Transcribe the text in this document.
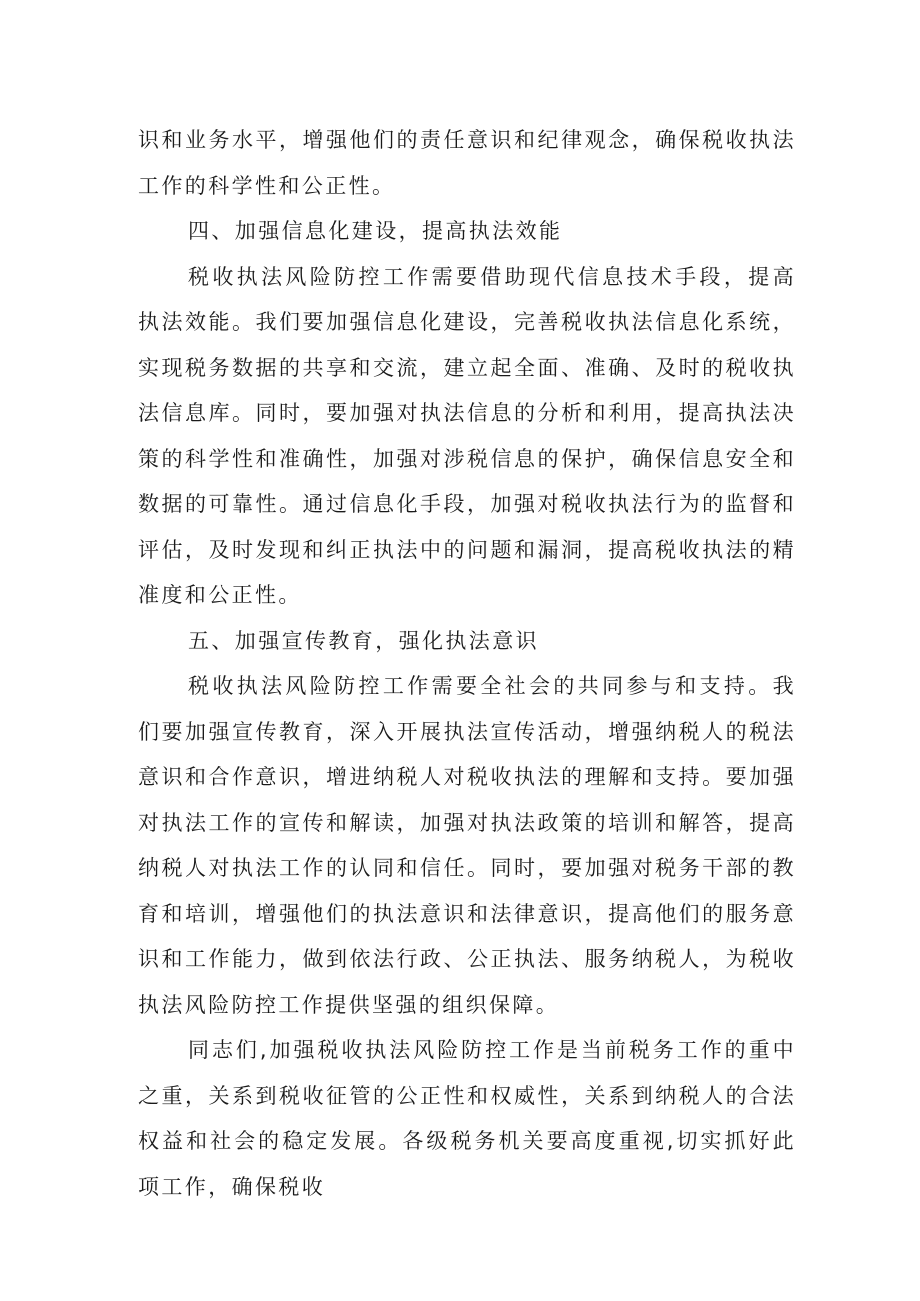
识和业务水平，增强他们的责任意识和纪律观念，确保税收执法工作的科学性和公正性。

四、加强信息化建设，提高执法效能

税收执法风险防控工作需要借助现代信息技术手段，提高执法效能。我们要加强信息化建设，完善税收执法信息化系统，实现税务数据的共享和交流，建立起全面、准确、及时的税收执法信息库。同时，要加强对执法信息的分析和利用，提高执法决策的科学性和准确性，加强对涉税信息的保护，确保信息安全和数据的可靠性。通过信息化手段，加强对税收执法行为的监督和评估，及时发现和纠正执法中的问题和漏洞，提高税收执法的精准度和公正性。

五、加强宣传教育，强化执法意识

税收执法风险防控工作需要全社会的共同参与和支持。我们要加强宣传教育，深入开展执法宣传活动，增强纳税人的税法意识和合作意识，增进纳税人对税收执法的理解和支持。要加强对执法工作的宣传和解读，加强对执法政策的培训和解答，提高纳税人对执法工作的认同和信任。同时，要加强对税务干部的教育和培训，增强他们的执法意识和法律意识，提高他们的服务意识和工作能力，做到依法行政、公正执法、服务纳税人，为税收执法风险防控工作提供坚强的组织保障。

同志们,加强税收执法风险防控工作是当前税务工作的重中之重，关系到税收征管的公正性和权威性，关系到纳税人的合法权益和社会的稳定发展。各级税务机关要高度重视,切实抓好此项工作，确保税收
